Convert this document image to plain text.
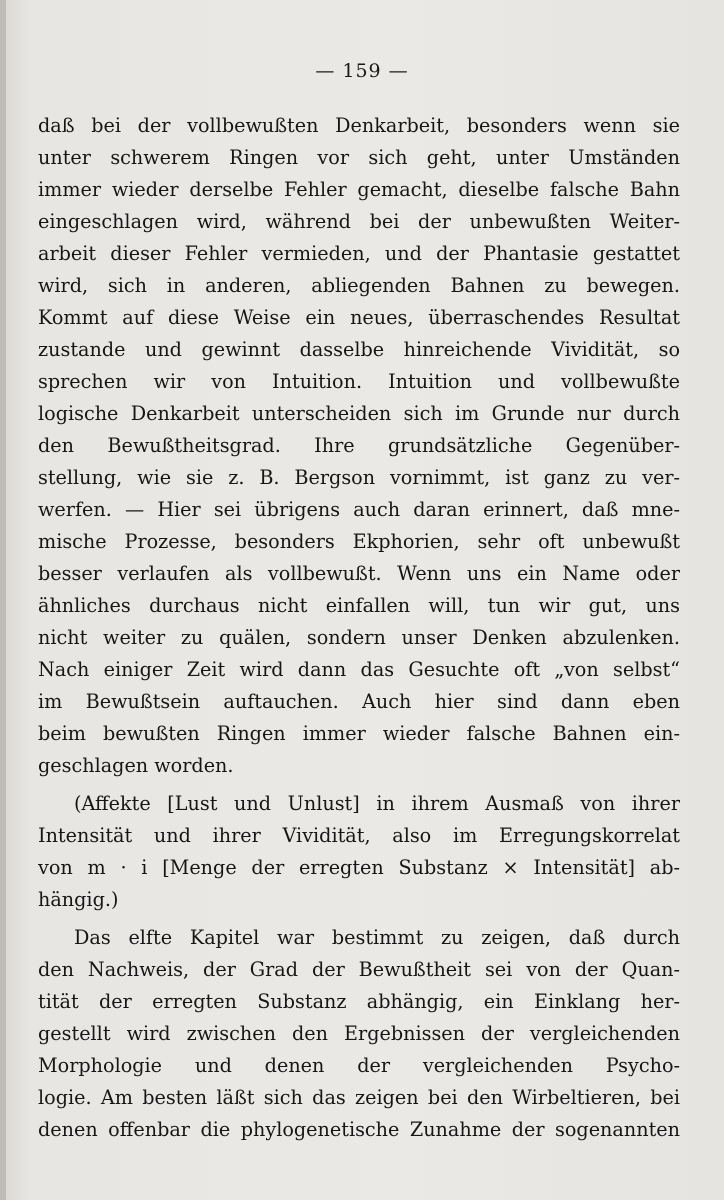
— 159 —
daß bei der vollbewußten Denkarbeit, besonders wenn sie
unter schwerem Ringen vor sich geht, unter Umständen
immer wieder derselbe Fehler gemacht, dieselbe falsche Bahn
eingeschlagen wird, während bei der unbewußten Weiter-
arbeit dieser Fehler vermieden, und der Phantasie gestattet
wird, sich in anderen, abliegenden Bahnen zu bewegen.
Kommt auf diese Weise ein neues, überraschendes Resultat
zustande und gewinnt dasselbe hinreichende Vividität, so
sprechen wir von Intuition. Intuition und vollbewußte
logische Denkarbeit unterscheiden sich im Grunde nur durch
den Bewußtheitsgrad. Ihre grundsätzliche Gegenüber-
stellung, wie sie z. B. Bergson vornimmt, ist ganz zu ver-
werfen. — Hier sei übrigens auch daran erinnert, daß mne-
mische Prozesse, besonders Ekphorien, sehr oft unbewußt
besser verlaufen als vollbewußt. Wenn uns ein Name oder
ähnliches durchaus nicht einfallen will, tun wir gut, uns
nicht weiter zu quälen, sondern unser Denken abzulenken.
Nach einiger Zeit wird dann das Gesuchte oft „von selbst“
im Bewußtsein auftauchen. Auch hier sind dann eben
beim bewußten Ringen immer wieder falsche Bahnen ein-
geschlagen worden.
(Affekte [Lust und Unlust] in ihrem Ausmaß von ihrer
Intensität und ihrer Vividität, also im Erregungskorrelat
von m · i [Menge der erregten Substanz × Intensität] ab-
hängig.)
Das elfte Kapitel war bestimmt zu zeigen, daß durch
den Nachweis, der Grad der Bewußtheit sei von der Quan-
tität der erregten Substanz abhängig, ein Einklang her-
gestellt wird zwischen den Ergebnissen der vergleichenden
Morphologie und denen der vergleichenden Psycho-
logie. Am besten läßt sich das zeigen bei den Wirbeltieren, bei
denen offenbar die phylogenetische Zunahme der sogenannten
